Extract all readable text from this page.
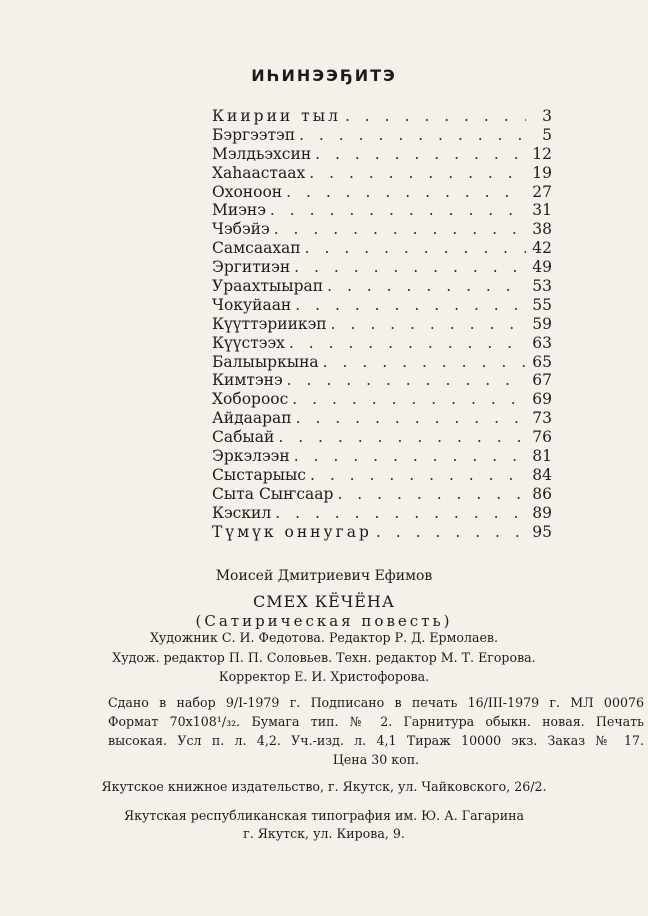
ИҺИНЭЭҔИТЭ
Киирии тыл . . .	3
Бэргээтэп . . .	5
Мэлдьэхсин . . .	12
Хаһаастаах . . .	19
Охоноон . . .	27
Миэнэ . . .	31
Чэбэйэ . . .	38
Самсаахап . . .	42
Эргитиэн . . .	49
Ураахтыырап . . .	53
Чокуйаан . . .	55
Күүттэриикэп . . .	59
Күүстээх . . .	63
Балыыркына . . .	65
Кимтэнэ . . .	67
Хобороос . . .	69
Айдаарап . . .	73
Сабыай . . .	76
Эркэлээн . . .	81
Сыстарыыс . . .	84
Сыта Сыҥсаар . . .	86
Кэскил . . .	89
Түмүк оннугар . . .	95
Моисей Дмитриевич Ефимов
СМЕХ КЁЧЁНА
(Сатирическая повесть)
Художник С. И. Федотова. Редактор Р. Д. Ермолаев.
Худож. редактор П. П. Соловьев. Техн. редактор М. Т. Егорова.
Корректор Е. И. Христофорова.
Сдано в набор 9/I-1979 г. Подписано в печать 16/III-1979 г. МЛ 00076
Формат 70x108¹/₃₂. Бумага тип. № 2. Гарнитура обыкн. новая. Печать
высокая. Усл п. л. 4,2. Уч.-изд. л. 4,1 Тираж 10000 экз. Заказ № 17.
Цена 30 коп.
Якутское книжное издательство, г. Якутск, ул. Чайковского, 26/2.
Якутская республиканская типография им. Ю. А. Гагарина
г. Якутск, ул. Кирова, 9.
